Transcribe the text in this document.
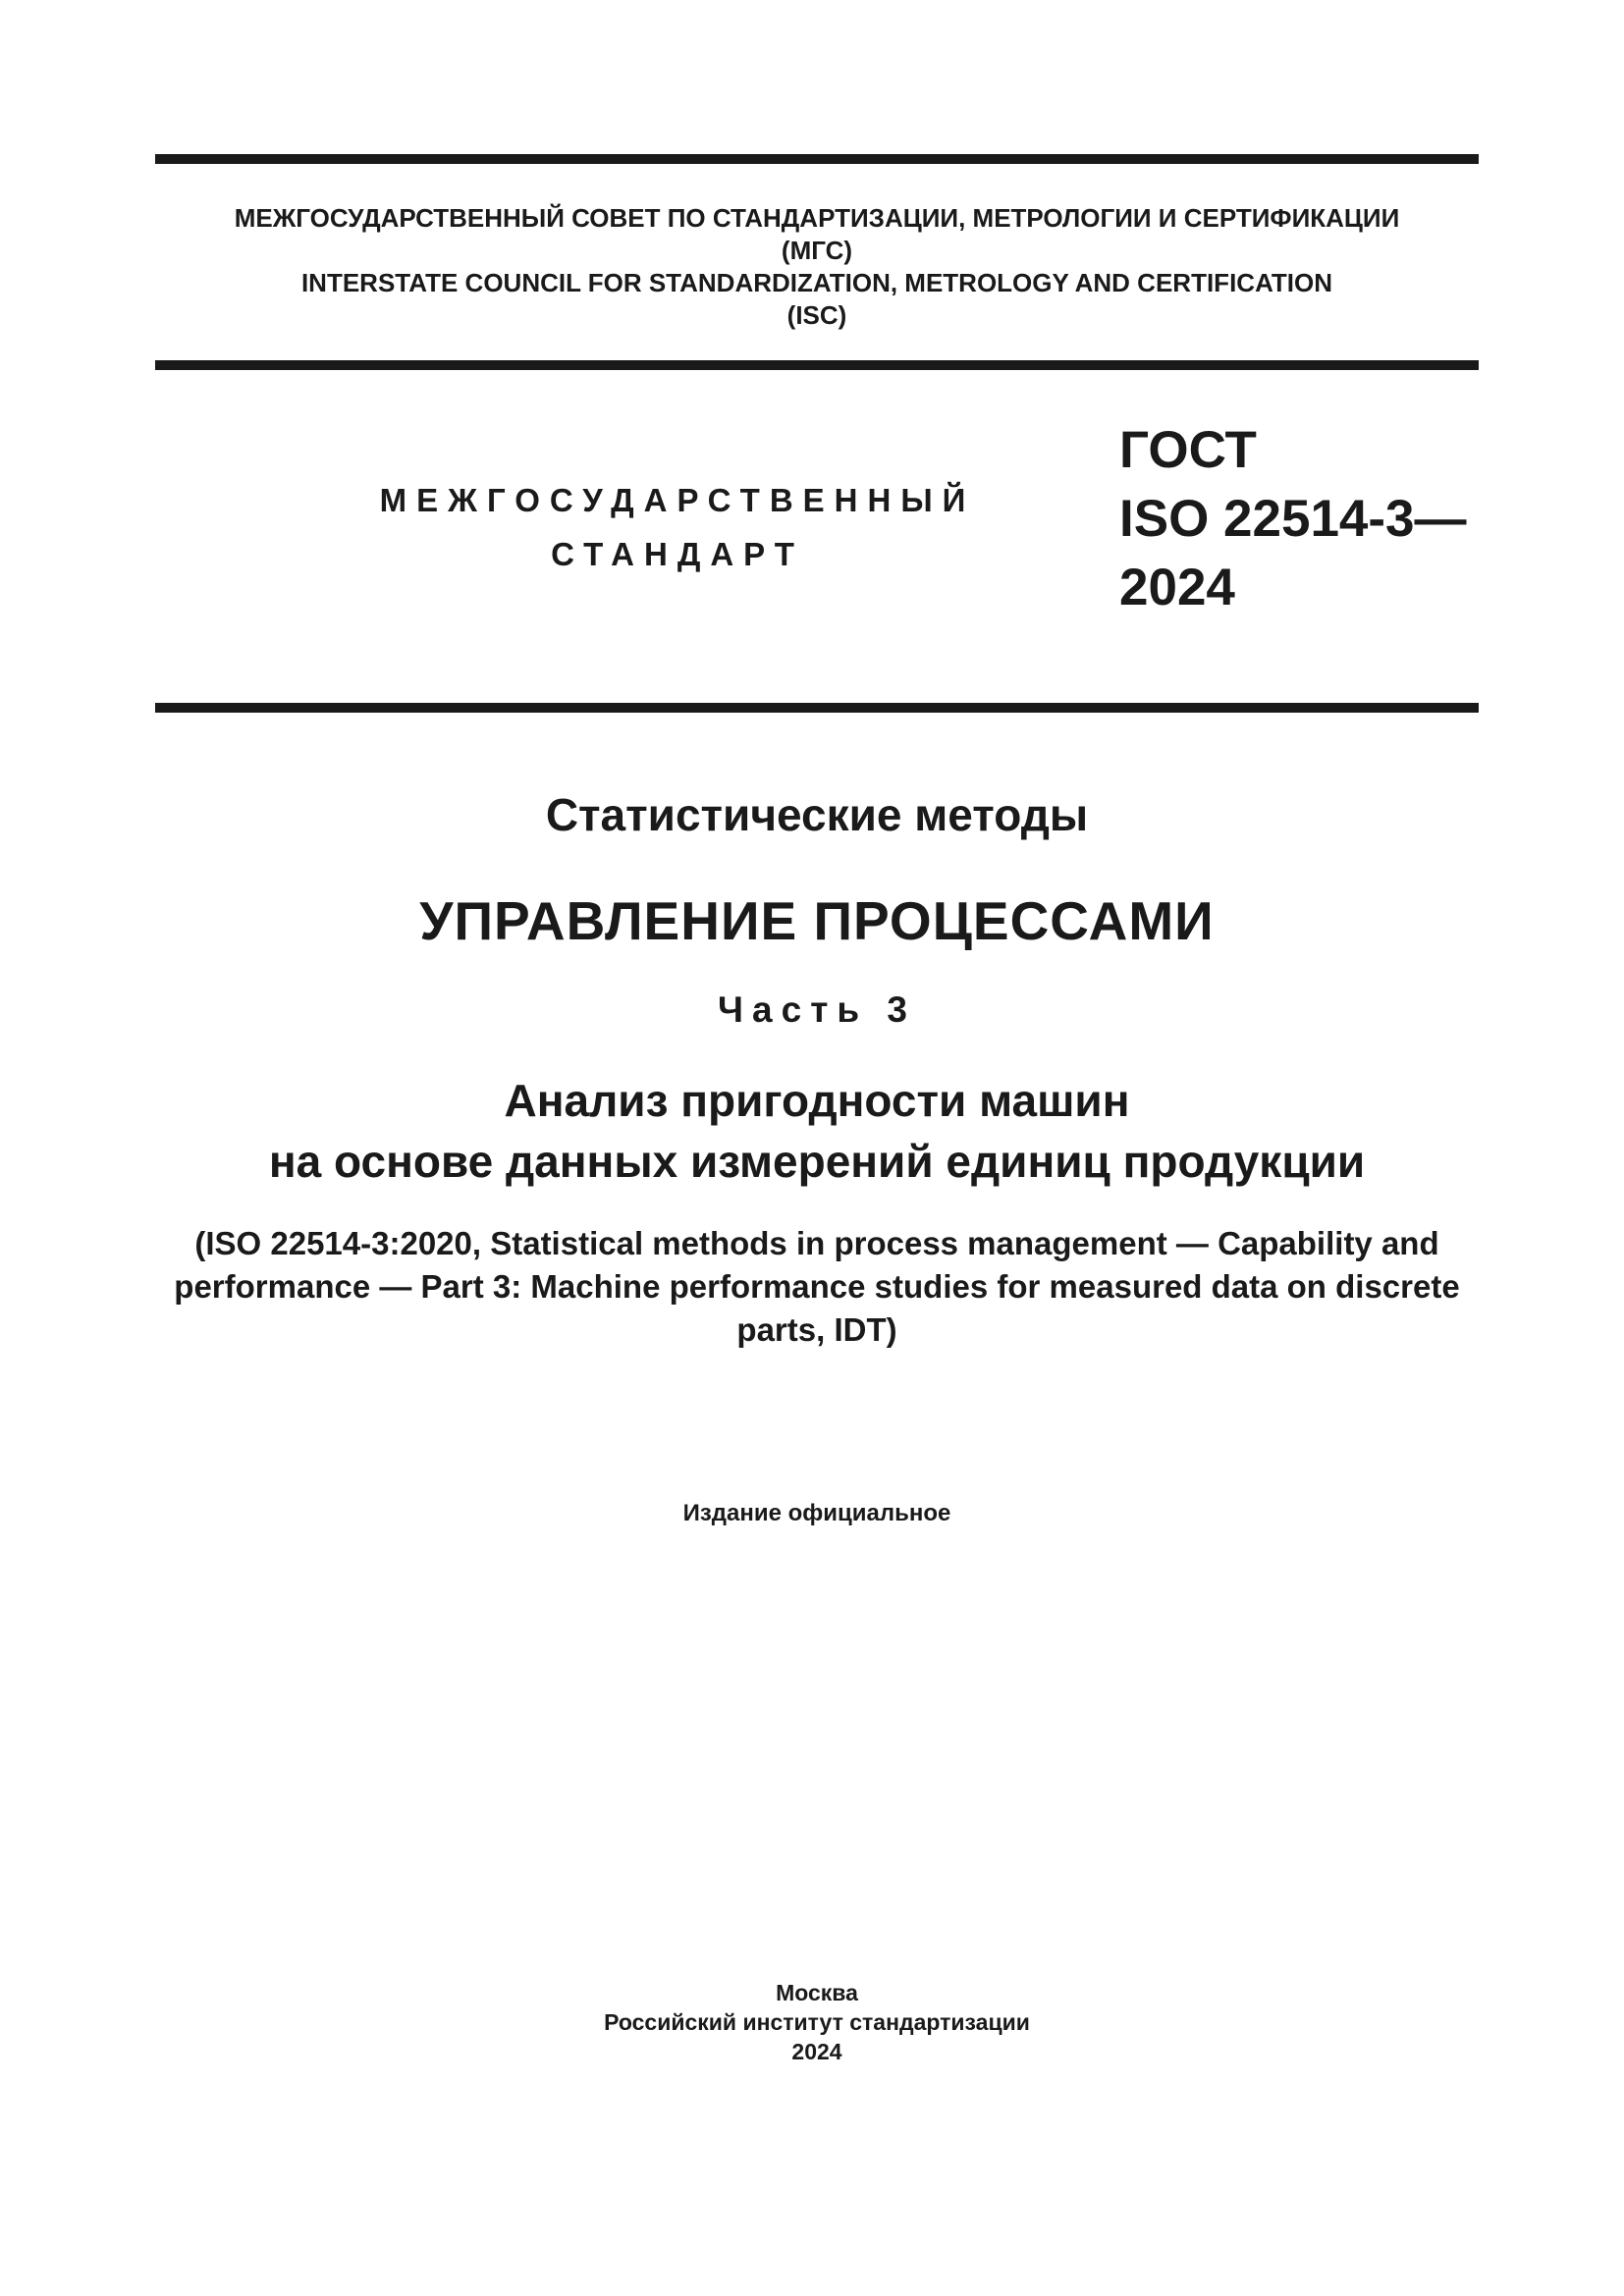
МЕЖГОСУДАРСТВЕННЫЙ СОВЕТ ПО СТАНДАРТИЗАЦИИ, МЕТРОЛОГИИ И СЕРТИФИКАЦИИ
(МГС)
INTERSTATE COUNCIL FOR STANDARDIZATION, METROLOGY AND CERTIFICATION
(ISC)
МЕЖГОСУДАРСТВЕННЫЙ
СТАНДАРТ
ГОСТ
ISO 22514-3—
2024
Статистические методы
УПРАВЛЕНИЕ ПРОЦЕССАМИ
Часть 3
Анализ пригодности машин
на основе данных измерений единиц продукции
(ISO 22514-3:2020, Statistical methods in process management — Capability and
performance — Part 3: Machine performance studies for measured data on discrete
parts, IDT)
Издание официальное
Москва
Российский институт стандартизации
2024
